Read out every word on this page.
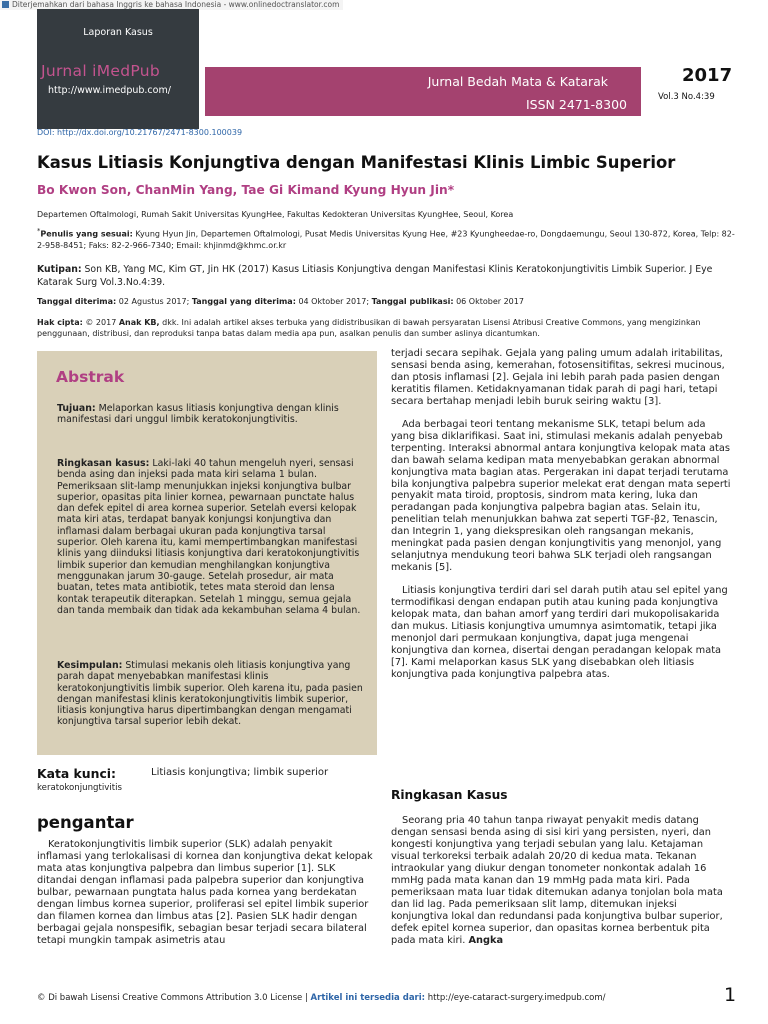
Diterjemahkan dari bahasa Inggris ke bahasa Indonesia - www.onlinedoctranslator.com
Laporan Kasus
Jurnal iMedPub
http://www.imedpub.com/
Jurnal Bedah Mata & Katarak
ISSN 2471-8300
2017
Vol.3 No.4:39
DOI: http://dx.doi.org/10.21767/2471-8300.100039
Kasus Litiasis Konjungtiva dengan Manifestasi Klinis Limbic Superior
Bo Kwon Son, ChanMin Yang, Tae Gi Kimand Kyung Hyun Jin*
Departemen Oftalmologi, Rumah Sakit Universitas KyungHee, Fakultas Kedokteran Universitas KyungHee, Seoul, Korea
*Penulis yang sesuai: Kyung Hyun Jin, Departemen Oftalmologi, Pusat Medis Universitas Kyung Hee, #23 Kyungheedae-ro, Dongdaemungu, Seoul 130-872, Korea, Telp: 82-2-958-8451; Faks: 82-2-966-7340; Email: khjinmd@khmc.or.kr
Kutipan: Son KB, Yang MC, Kim GT, Jin HK (2017) Kasus Litiasis Konjungtiva dengan Manifestasi Klinis Keratokonjungtivitis Limbik Superior. J Eye Katarak Surg Vol.3.No.4:39.
Tanggal diterima: 02 Agustus 2017; Tanggal yang diterima: 04 Oktober 2017; Tanggal publikasi: 06 Oktober 2017
Hak cipta: © 2017 Anak KB, dkk. Ini adalah artikel akses terbuka yang didistribusikan di bawah persyaratan Lisensi Atribusi Creative Commons, yang mengizinkan penggunaan, distribusi, dan reproduksi tanpa batas dalam media apa pun, asalkan penulis dan sumber aslinya dicantumkan.
Abstrak
Tujuan: Melaporkan kasus litiasis konjungtiva dengan klinis manifestasi dari unggul limbik keratokonjungtivitis.
Ringkasan kasus: Laki-laki 40 tahun mengeluh nyeri, sensasi benda asing dan injeksi pada mata kiri selama 1 bulan. Pemeriksaan slit-lamp menunjukkan injeksi konjungtiva bulbar superior, opasitas pita linier kornea, pewarnaan punctate halus dan defek epitel di area kornea superior. Setelah eversi kelopak mata kiri atas, terdapat banyak konjungsi konjungtiva dan inflamasi dalam berbagai ukuran pada konjungtiva tarsal superior. Oleh karena itu, kami mempertimbangkan manifestasi klinis yang diinduksi litiasis konjungtiva dari keratokonjungtivitis limbik superior dan kemudian menghilangkan konjungtiva menggunakan jarum 30-gauge. Setelah prosedur, air mata buatan, tetes mata antibiotik, tetes mata steroid dan lensa kontak terapeutik diterapkan. Setelah 1 minggu, semua gejala dan tanda membaik dan tidak ada kekambuhan selama 4 bulan.
Kesimpulan: Stimulasi mekanis oleh litiasis konjungtiva yang parah dapat menyebabkan manifestasi klinis keratokonjungtivitis limbik superior. Oleh karena itu, pada pasien dengan manifestasi klinis keratokonjungtivitis limbik superior, litiasis konjungtiva harus dipertimbangkan dengan mengamati konjungtiva tarsal superior lebih dekat.
Kata kunci:	Litiasis konjungtiva; limbik superior
keratokonjungtivitis
pengantar

Keratokonjungtivitis limbik superior (SLK) adalah penyakit inflamasi yang terlokalisasi di kornea dan konjungtiva dekat kelopak mata atas konjungtiva palpebra dan limbus superior [1]. SLK ditandai dengan inflamasi pada palpebra superior dan konjungtiva bulbar, pewarnaan pungtata halus pada kornea yang berdekatan dengan limbus kornea superior, proliferasi sel epitel limbik superior dan filamen kornea dan limbus atas [2]. Pasien SLK hadir dengan berbagai gejala nonspesifik, sebagian besar terjadi secara bilateral tetapi mungkin tampak asimetris atau

terjadi secara sepihak. Gejala yang paling umum adalah iritabilitas, sensasi benda asing, kemerahan, fotosensitifitas, sekresi mucinous, dan ptosis inflamasi [2]. Gejala ini lebih parah pada pasien dengan keratitis filamen. Ketidaknyamanan tidak parah di pagi hari, tetapi secara bertahap menjadi lebih buruk seiring waktu [3].

Ada berbagai teori tentang mekanisme SLK, tetapi belum ada yang bisa diklarifikasi. Saat ini, stimulasi mekanis adalah penyebab terpenting. Interaksi abnormal antara konjungtiva kelopak mata atas dan bawah selama kedipan mata menyebabkan gerakan abnormal konjungtiva mata bagian atas. Pergerakan ini dapat terjadi terutama bila konjungtiva palpebra superior melekat erat dengan mata seperti penyakit mata tiroid, proptosis, sindrom mata kering, luka dan peradangan pada konjungtiva palpebra bagian atas. Selain itu, penelitian telah menunjukkan bahwa zat seperti TGF-β2, Tenascin, dan Integrin 1, yang diekspresikan oleh rangsangan mekanis, meningkat pada pasien dengan konjungtivitis yang menonjol, yang selanjutnya mendukung teori bahwa SLK terjadi oleh rangsangan mekanis [5].

Litiasis konjungtiva terdiri dari sel darah putih atau sel epitel yang termodifikasi dengan endapan putih atau kuning pada konjungtiva kelopak mata, dan bahan amorf yang terdiri dari mukopolisakarida dan mukus. Litiasis konjungtiva umumnya asimtomatik, tetapi jika menonjol dari permukaan konjungtiva, dapat juga mengenai konjungtiva dan kornea, disertai dengan peradangan kelopak mata [7]. Kami melaporkan kasus SLK yang disebabkan oleh litiasis konjungtiva pada konjungtiva palpebra atas.

Ringkasan Kasus

Seorang pria 40 tahun tanpa riwayat penyakit medis datang dengan sensasi benda asing di sisi kiri yang persisten, nyeri, dan kongesti konjungtiva yang terjadi sebulan yang lalu. Ketajaman visual terkoreksi terbaik adalah 20/20 di kedua mata. Tekanan intraokular yang diukur dengan tonometer nonkontak adalah 16 mmHg pada mata kanan dan 19 mmHg pada mata kiri. Pada pemeriksaan mata luar tidak ditemukan adanya tonjolan bola mata dan lid lag. Pada pemeriksaan slit lamp, ditemukan injeksi konjungtiva lokal dan redundansi pada konjungtiva bulbar superior, defek epitel kornea superior, dan opasitas kornea berbentuk pita pada mata kiri. Angka

© Di bawah Lisensi Creative Commons Attribution 3.0 License | Artikel ini tersedia dari: http://eye-cataract-surgery.imedpub.com/	1
